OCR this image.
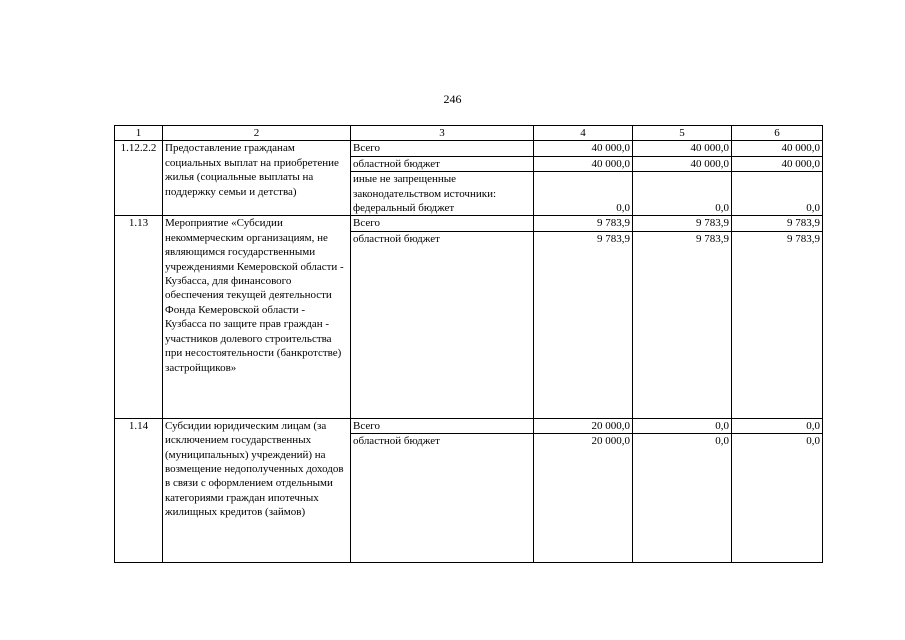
246
1	2	3	4	5	6
1.12.2.2	Предоставление гражданам социальных выплат на приобретение жилья (социальные выплаты на поддержку семьи и детства)	Всего	40 000,0	40 000,0	40 000,0
		областной бюджет	40 000,0	40 000,0	40 000,0
		иные не запрещенные законодательством источники: федеральный бюджет	0,0	0,0	0,0
1.13	Мероприятие «Субсидии некоммерческим организациям, не являющимся государственными учреждениями Кемеровской области - Кузбасса, для финансового обеспечения текущей деятельности Фонда Кемеровской области - Кузбасса по защите прав граждан - участников долевого строительства при несостоятельности (банкротстве) застройщиков»	Всего	9 783,9	9 783,9	9 783,9
		областной бюджет	9 783,9	9 783,9	9 783,9
1.14	Субсидии юридическим лицам (за исключением государственных (муниципальных) учреждений) на возмещение недополученных доходов в связи с оформлением отдельными категориями граждан ипотечных жилищных кредитов (займов)	Всего	20 000,0	0,0	0,0
		областной бюджет	20 000,0	0,0	0,0
